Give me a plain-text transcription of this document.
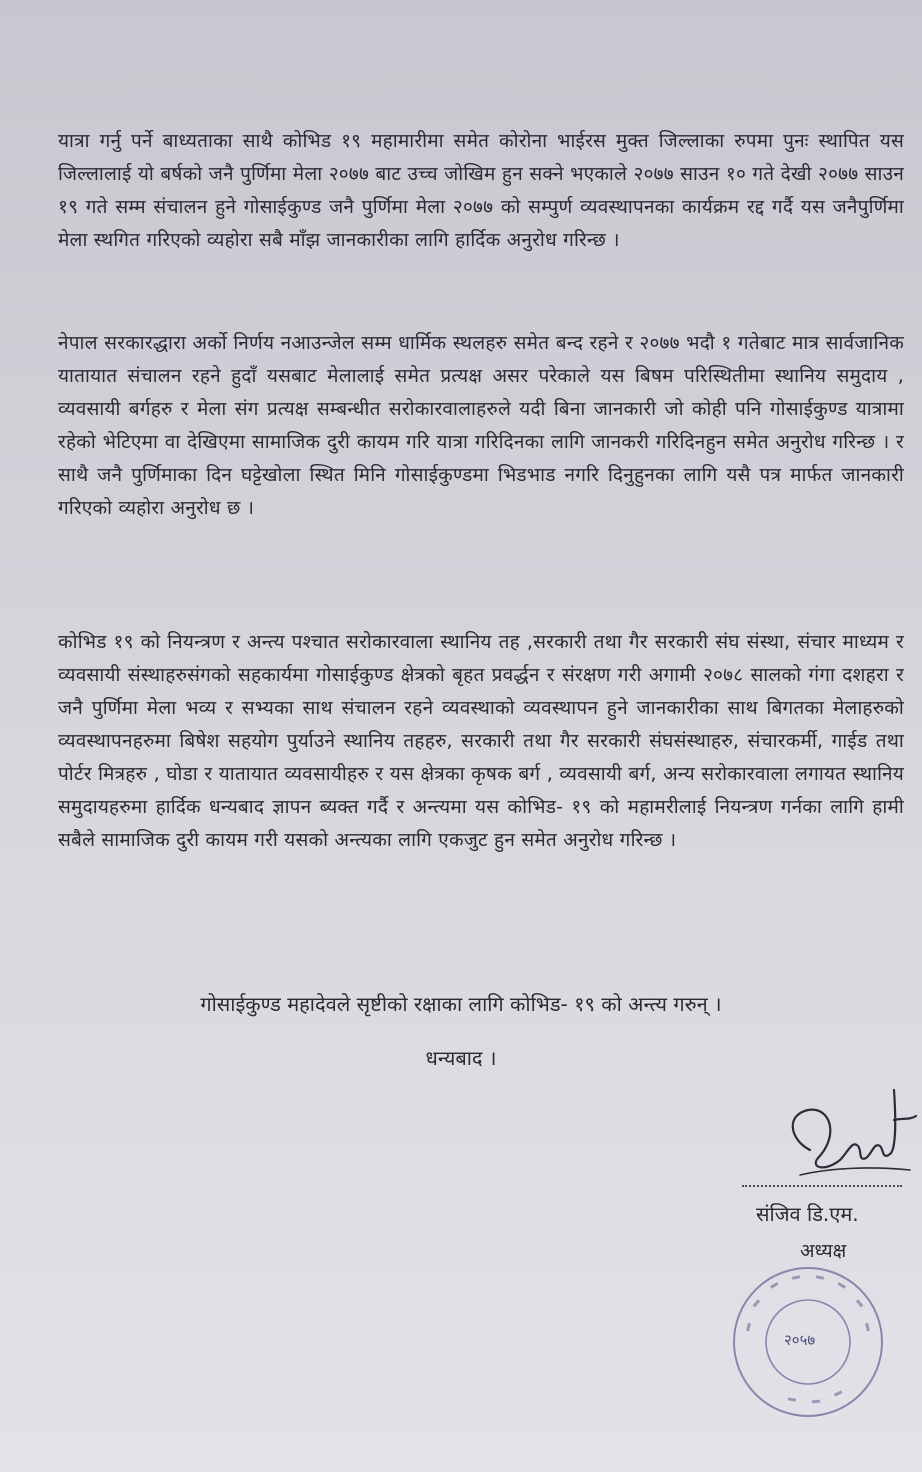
यात्रा गर्नु पर्ने बाध्यताका साथै कोभिड १९ महामारीमा समेत कोरोना भाईरस मुक्त जिल्लाका रुपमा पुनः स्थापित यस जिल्लालाई यो बर्षको जनै पुर्णिमा मेला २०७७ बाट उच्च जोखिम हुन सक्ने भएकाले २०७७ साउन १० गते देखी २०७७ साउन १९ गते सम्म संचालन हुने गोसाईकुण्ड जनै पुर्णिमा मेला २०७७ को सम्पुर्ण व्यवस्थापनका कार्यक्रम रद्द गर्दै यस जनैपुर्णिमा मेला स्थगित गरिएको व्यहोरा सबै माँझ जानकारीका लागि हार्दिक अनुरोध गरिन्छ ।

नेपाल सरकारद्धारा अर्को निर्णय नआउन्जेल सम्म धार्मिक स्थलहरु समेत बन्द रहने र २०७७ भदौ १ गतेबाट मात्र सार्वजानिक यातायात संचालन रहने हुदाँ यसबाट मेलालाई समेत प्रत्यक्ष असर परेकाले यस बिषम परिस्थितीमा स्थानिय समुदाय , व्यवसायी बर्गहरु र मेला संग प्रत्यक्ष सम्बन्धीत सरोकारवालाहरुले यदी बिना जानकारी जो कोही पनि गोसाईकुण्ड यात्रामा रहेको भेटिएमा वा देखिएमा सामाजिक दुरी कायम गरि यात्रा गरिदिनका लागि जानकरी गरिदिनहुन समेत अनुरोध गरिन्छ । र साथै जनै पुर्णिमाका दिन घट्टेखोला स्थित मिनि गोसाईकुण्डमा भिडभाड नगरि दिनुहुनका लागि यसै पत्र मार्फत जानकारी गरिएको व्यहोरा अनुरोध छ ।

कोभिड १९ को नियन्त्रण र अन्त्य पश्चात सरोकारवाला स्थानिय तह ,सरकारी तथा गैर सरकारी संघ संस्था, संचार माध्यम र व्यवसायी संस्थाहरुसंगको सहकार्यमा गोसाईकुण्ड क्षेत्रको बृहत प्रवर्द्धन र संरक्षण गरी अगामी २०७८ सालको गंगा दशहरा र जनै पुर्णिमा मेला भव्य र सभ्यका साथ संचालन रहने व्यवस्थाको व्यवस्थापन हुने जानकारीका साथ बिगतका मेलाहरुको व्यवस्थापनहरुमा बिषेश सहयोग पुर्याउने स्थानिय तहहरु, सरकारी तथा गैर सरकारी संघसंस्थाहरु, संचारकर्मी, गाईड तथा पोर्टर मित्रहरु , घोडा र यातायात व्यवसायीहरु र यस क्षेत्रका कृषक बर्ग , व्यवसायी बर्ग, अन्य सरोकारवाला लगायत स्थानिय समुदायहरुमा हार्दिक धन्यबाद ज्ञापन ब्यक्त गर्दै र अन्त्यमा यस कोभिड- १९ को महामरीलाई नियन्त्रण गर्नका लागि हामी सबैले सामाजिक दुरी कायम गरी यसको अन्त्यका लागि एकजुट हुन समेत अनुरोध गरिन्छ ।

गोसाईकुण्ड महादेवले सृष्टीको रक्षाका लागि कोभिड- १९ को अन्त्य गरुन् ।

धन्यबाद ।

संजिव डि.एम.

अध्यक्ष

२०५७
